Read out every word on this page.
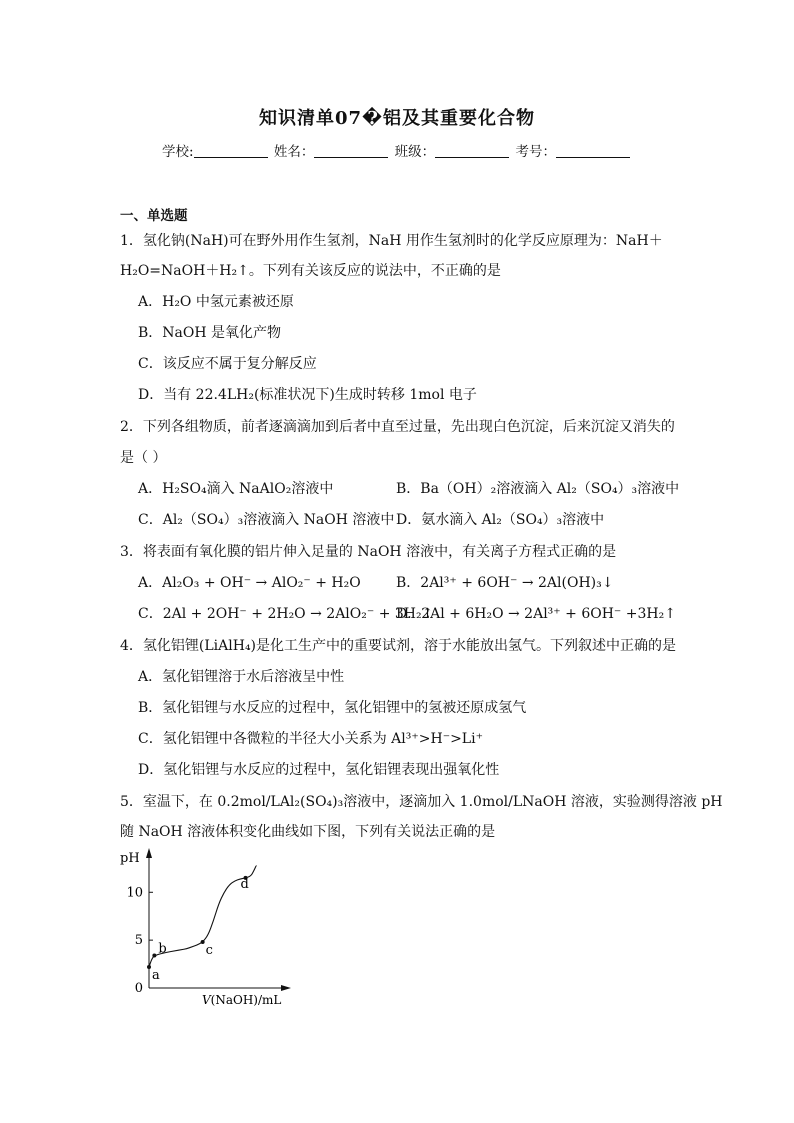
知识清单07�铝及其重要化合物
学校:	姓名：	班级：	考号：
一、单选题
1．氢化钠(NaH)可在野外用作生氢剂，NaH 用作生氢剂时的化学反应原理为：NaH＋
H₂O=NaOH＋H₂↑。下列有关该反应的说法中，不正确的是
A．H₂O 中氢元素被还原
B．NaOH 是氧化产物
C．该反应不属于复分解反应
D．当有 22.4LH₂(标准状况下)生成时转移 1mol 电子
2．下列各组物质，前者逐滴滴加到后者中直至过量，先出现白色沉淀，后来沉淀又消失的
是（ ）
A．H₂SO₄滴入 NaAlO₂溶液中	B．Ba（OH）₂溶液滴入 Al₂（SO₄）₃溶液中
C．Al₂（SO₄）₃溶液滴入 NaOH 溶液中 D．氨水滴入 Al₂（SO₄）₃溶液中
3．将表面有氧化膜的铝片伸入足量的 NaOH 溶液中，有关离子方程式正确的是
A．Al₂O₃ + OH⁻ → AlO₂⁻ + H₂O	B．2Al³⁺ + 6OH⁻ → 2Al(OH)₃↓
C．2Al + 2OH⁻ + 2H₂O → 2AlO₂⁻ + 3H₂↑
D．2Al + 6H₂O → 2Al³⁺ + 6OH⁻ +3H₂↑
4．氢化铝锂(LiAlH₄)是化工生产中的重要试剂，溶于水能放出氢气。下列叙述中正确的是
A．氢化铝锂溶于水后溶液呈中性
B．氢化铝锂与水反应的过程中，氢化铝锂中的氢被还原成氢气
C．氢化铝锂中各微粒的半径大小关系为 Al³⁺>H⁻>Li⁺
D．氢化铝锂与水反应的过程中，氢化铝锂表现出强氧化性
5．室温下，在 0.2mol/LAl₂(SO₄)₃溶液中，逐滴加入 1.0mol/LNaOH 溶液，实验测得溶液 pH
随 NaOH 溶液体积变化曲线如下图，下列有关说法正确的是
0
5
10
a
b	c
d
pH
V(NaOH)/mL
